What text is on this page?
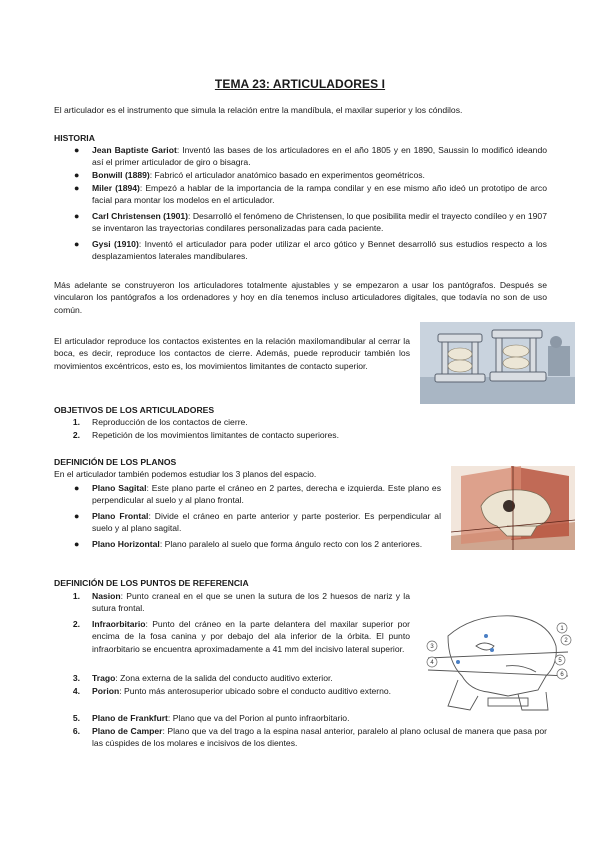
TEMA 23: ARTICULADORES I
El articulador es el instrumento que simula la relación entre la mandíbula, el maxilar superior y los cóndilos.
HISTORIA
● Jean Baptiste Gariot: Inventó las bases de los articuladores en el año 1805 y en 1890, Saussin lo modificó ideando así el primer articulador de giro o bisagra.
● Bonwill (1889): Fabricó el articulador anatómico basado en experimentos geométricos.
● Miler (1894): Empezó a hablar de la importancia de la rampa condilar y en ese mismo año ideó un prototipo de arco facial para montar los modelos en el articulador.
● Carl Christensen (1901): Desarrolló el fenómeno de Christensen, lo que posibilita medir el trayecto condíleo y en 1907 se inventaron las trayectorias condilares personalizadas para cada paciente.
● Gysi (1910): Inventó el articulador para poder utilizar el arco gótico y Bennet desarrolló sus estudios respecto a los desplazamientos laterales mandibulares.
Más adelante se construyeron los articuladores totalmente ajustables y se empezaron a usar los pantógrafos. Después se vincularon los pantógrafos a los ordenadores y hoy en día tenemos incluso articuladores digitales, que todavía no son de uso común.
El articulador reproduce los contactos existentes en la relación maxilomandibular al cerrar la boca, es decir, reproduce los contactos de cierre. Además, puede reproducir también los movimientos excéntricos, esto es, los movimientos limitantes de contacto superior.
OBJETIVOS DE LOS ARTICULADORES
1. Reproducción de los contactos de cierre.
2. Repetición de los movimientos limitantes de contacto superiores.
DEFINICIÓN DE LOS PLANOS
En el articulador también podemos estudiar los 3 planos del espacio.
● Plano Sagital: Este plano parte el cráneo en 2 partes, derecha e izquierda. Este plano es perpendicular al suelo y al plano frontal.
● Plano Frontal: Divide el cráneo en parte anterior y parte posterior. Es perpendicular al suelo y al plano sagital.
● Plano Horizontal: Plano paralelo al suelo que forma ángulo recto con los 2 anteriores.
DEFINICIÓN DE LOS PUNTOS DE REFERENCIA
1. Nasion: Punto craneal en el que se unen la sutura de los 2 huesos de nariz y la sutura frontal.
2. Infraorbitario: Punto del cráneo en la parte delantera del maxilar superior por encima de la fosa canina y por debajo del ala inferior de la órbita. El punto infraorbitario se encuentra aproximadamente a 41 mm del incisivo lateral superior.
3. Trago: Zona externa de la salida del conducto auditivo exterior.
4. Porion: Punto más anterosuperior ubicado sobre el conducto auditivo externo.
5. Plano de Frankfurt: Plano que va del Porion al punto infraorbitario.
6. Plano de Camper: Plano que va del trago a la espina nasal anterior, paralelo al plano oclusal de manera que pasa por las cúspides de los molares e incisivos de los dientes.
1
2
3
4	5
6
